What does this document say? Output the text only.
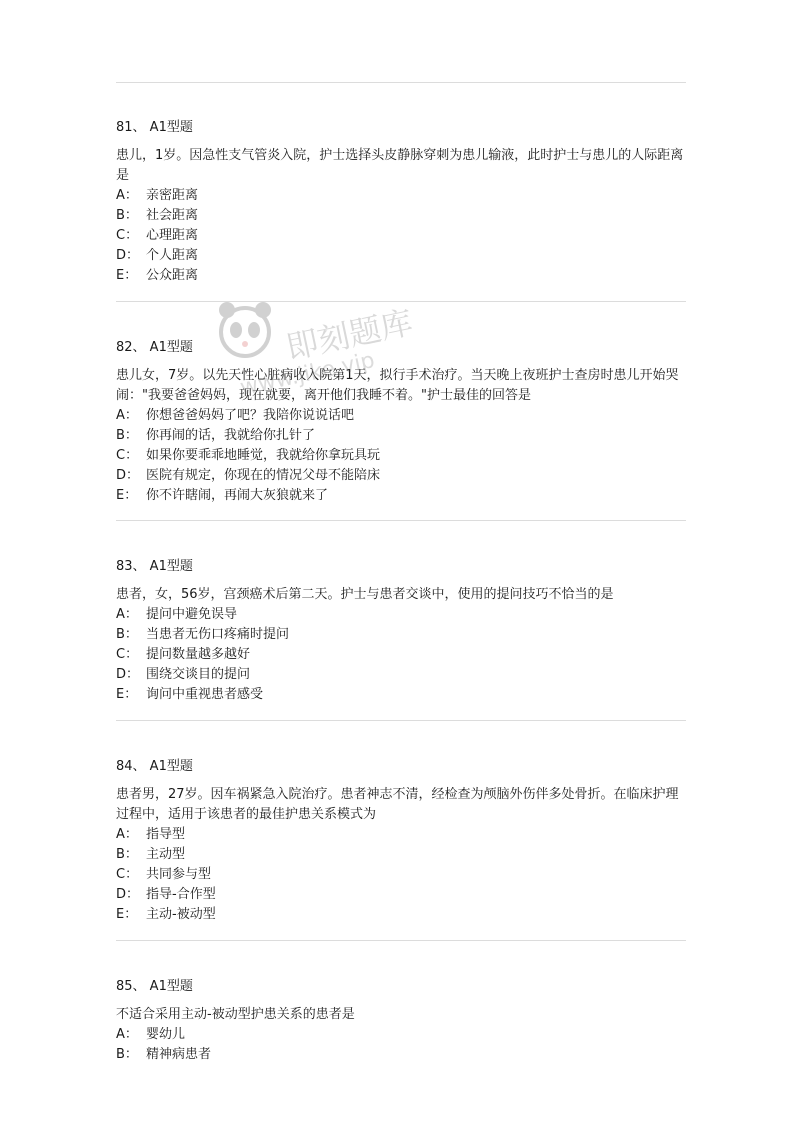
81、 A1型题

患儿，1岁。因急性支气管炎入院，护士选择头皮静脉穿刺为患儿输液，此时护士与患儿的人际距离是

A： 亲密距离

B： 社会距离

C： 心理距离

D： 个人距离

E： 公众距离

82、 A1型题

患儿女，7岁。以先天性心脏病收入院第1天，拟行手术治疗。当天晚上夜班护士查房时患儿开始哭闹："我要爸爸妈妈，现在就要，离开他们我睡不着。"护士最佳的回答是

A： 你想爸爸妈妈了吧？我陪你说说话吧

B： 你再闹的话，我就给你扎针了

C： 如果你要乖乖地睡觉，我就给你拿玩具玩

D： 医院有规定，你现在的情况父母不能陪床

E： 你不许瞎闹，再闹大灰狼就来了

83、 A1型题

患者，女，56岁，宫颈癌术后第二天。护士与患者交谈中，使用的提问技巧不恰当的是

A： 提问中避免误导

B： 当患者无伤口疼痛时提问

C： 提问数量越多越好

D： 围绕交谈目的提问

E： 询问中重视患者感受

84、 A1型题

患者男，27岁。因车祸紧急入院治疗。患者神志不清，经检查为颅脑外伤伴多处骨折。在临床护理过程中，适用于该患者的最佳护患关系模式为

A： 指导型

B： 主动型

C： 共同参与型

D： 指导-合作型

E： 主动-被动型

85、 A1型题

不适合采用主动-被动型护患关系的患者是

A： 婴幼儿

B： 精神病患者

即刻题库
www.jike.vip
